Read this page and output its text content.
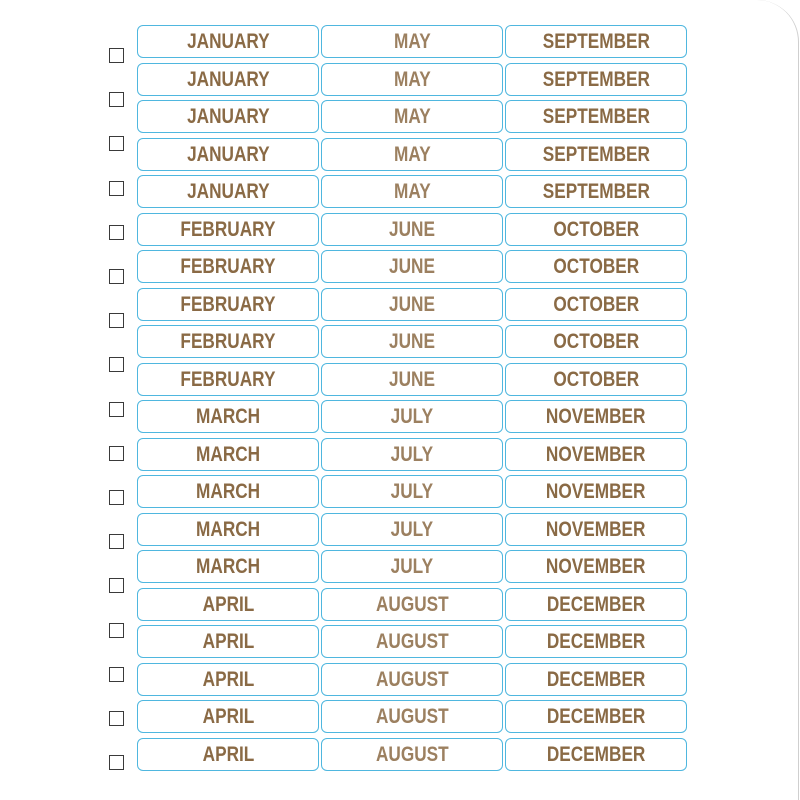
JANUARY	MAY	SEPTEMBER
JANUARY	MAY	SEPTEMBER
JANUARY	MAY	SEPTEMBER
JANUARY	MAY	SEPTEMBER
JANUARY	MAY	SEPTEMBER
FEBRUARY	JUNE	OCTOBER
FEBRUARY	JUNE	OCTOBER
FEBRUARY	JUNE	OCTOBER
FEBRUARY	JUNE	OCTOBER
FEBRUARY	JUNE	OCTOBER
MARCH	JULY	NOVEMBER
MARCH	JULY	NOVEMBER
MARCH	JULY	NOVEMBER
MARCH	JULY	NOVEMBER
MARCH	JULY	NOVEMBER
APRIL	AUGUST	DECEMBER
APRIL	AUGUST	DECEMBER
APRIL	AUGUST	DECEMBER
APRIL	AUGUST	DECEMBER
APRIL	AUGUST	DECEMBER
